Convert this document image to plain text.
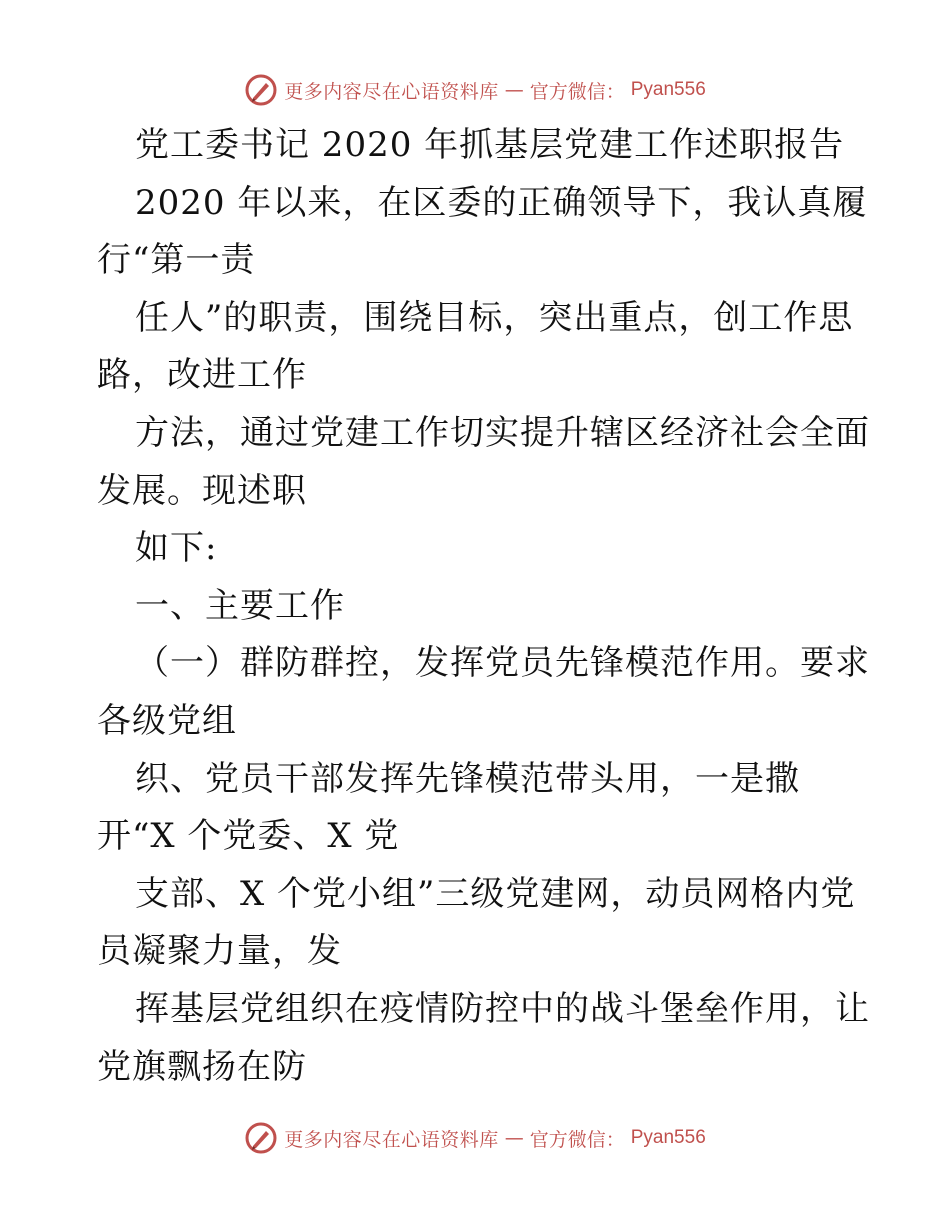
更多内容尽在心语资料库 — 官方微信： Pyan556
党工委书记 2020 年抓基层党建工作述职报告
2020 年以来，在区委的正确领导下，我认真履
行“第一责
任人”的职责，围绕目标，突出重点，创工作思
路，改进工作
方法，通过党建工作切实提升辖区经济社会全面
发展。现述职
如下:
一、主要工作
（一）群防群控，发挥党员先锋模范作用。要求
各级党组
织、党员干部发挥先锋模范带头用，一是撒
开“X 个党委、X 党
支部、X 个党小组”三级党建网，动员网格内党
员凝聚力量，发
挥基层党组织在疫情防控中的战斗堡垒作用，让
党旗飘扬在防
更多内容尽在心语资料库 — 官方微信： Pyan556
